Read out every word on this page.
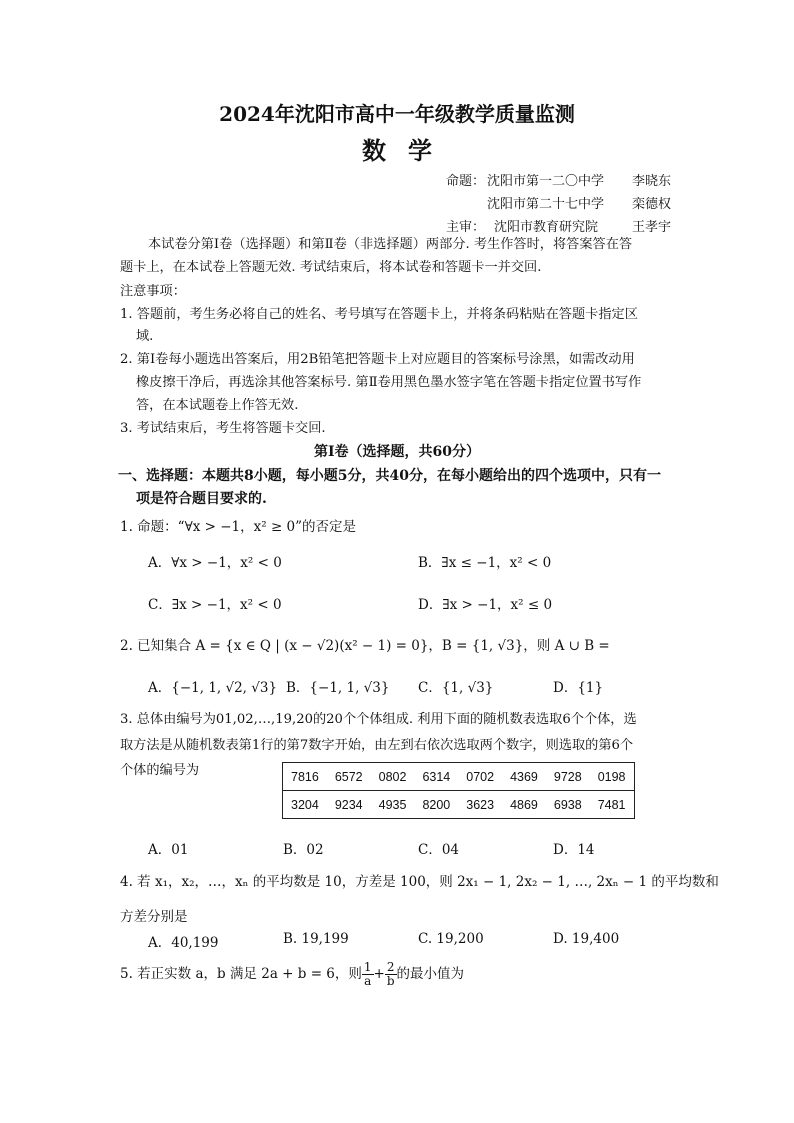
2024年沈阳市高中一年级教学质量监测
数学
命题： 沈阳市第一二〇中学 李晓东
沈阳市第二十七中学 栾德权
主审： 沈阳市教育研究院	王孝宇
本试卷分第Ⅰ卷（选择题）和第Ⅱ卷（非选择题）两部分. 考生作答时，将答案答在答
题卡上，在本试卷上答题无效. 考试结束后，将本试卷和答题卡一并交回.
注意事项：
1. 答题前，考生务必将自己的姓名、考号填写在答题卡上，并将条码粘贴在答题卡指定区
域.
2. 第Ⅰ卷每小题选出答案后，用2B铅笔把答题卡上对应题目的答案标号涂黑，如需改动用
橡皮擦干净后，再选涂其他答案标号. 第Ⅱ卷用黑色墨水签字笔在答题卡指定位置书写作
答，在本试题卷上作答无效.
3. 考试结束后，考生将答题卡交回.
第Ⅰ卷（选择题，共60分）
一、选择题：本题共8小题，每小题5分，共40分，在每小题给出的四个选项中，只有一
项是符合题目要求的.
1. 命题：“∀x > −1，x² ≥ 0”的否定是
A．∀x > −1，x² < 0	B．∃x ≤ −1，x² < 0
C．∃x > −1，x² < 0	D．∃x > −1，x² ≤ 0
2. 已知集合 A = {x ∈ Q | (x − √2)(x² − 1) = 0}，B = {1, √3}，则 A ∪ B =
A．{−1, 1, √2, √3} B．{−1, 1, √3} C．{1, √3}	D．{1}
3. 总体由编号为01,02,…,19,20的20个个体组成. 利用下面的随机数表选取6个个体，选
取方法是从随机数表第1行的第7数字开始，由左到右依次选取两个数字，则选取的第6个
个体的编号为	7816	6572	0802	6314	0702	4369	9728	0198
3204	9234	4935	8200	3623	4869	6938	7481
A．01	B．02	C．04	D．14
4. 若 x₁，x₂，…，xₙ 的平均数是 10，方差是 100，则 2x₁ − 1, 2x₂ − 1, …, 2xₙ − 1 的平均数和
方差分别是
A．40,199	B. 19,199	C. 19,200	D. 19,400
5. 若正实数 a，b 满足 2a + b = 6，则 $\frac{1}{a} + \frac{2}{b}$ 的最小值为
